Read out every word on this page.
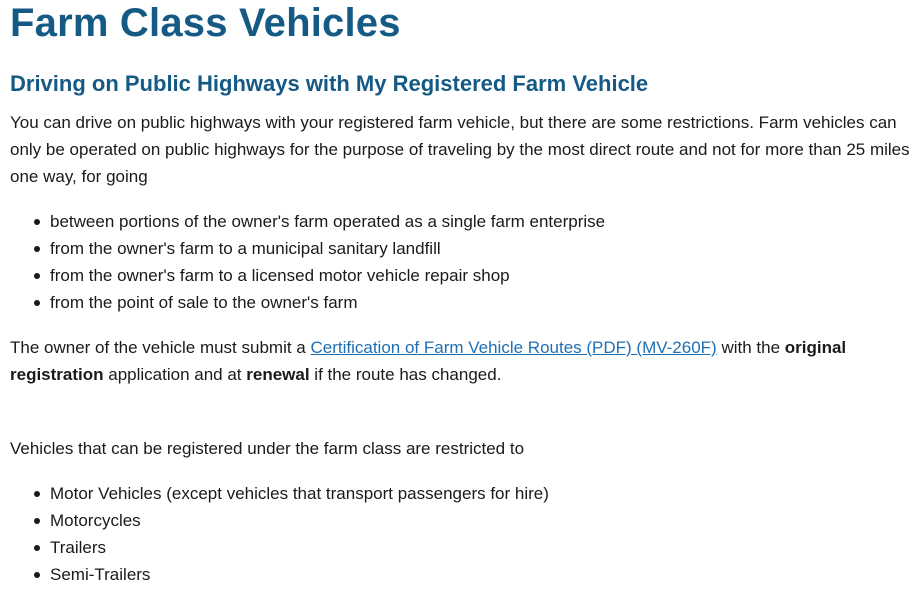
Farm Class Vehicles
Driving on Public Highways with My Registered Farm Vehicle

You can drive on public highways with your registered farm vehicle, but there are some restrictions. Farm vehicles can only be operated on public highways for the purpose of traveling by the most direct route and not for more than 25 miles one way, for going

between portions of the owner's farm operated as a single farm enterprise
from the owner's farm to a municipal sanitary landfill
from the owner's farm to a licensed motor vehicle repair shop
from the point of sale to the owner's farm

The owner of the vehicle must submit a Certification of Farm Vehicle Routes (PDF) (MV-260F) with the original registration application and at renewal if the route has changed.

Vehicles that can be registered under the farm class are restricted to

Motor Vehicles (except vehicles that transport passengers for hire)
Motorcycles
Trailers
Semi-Trailers
